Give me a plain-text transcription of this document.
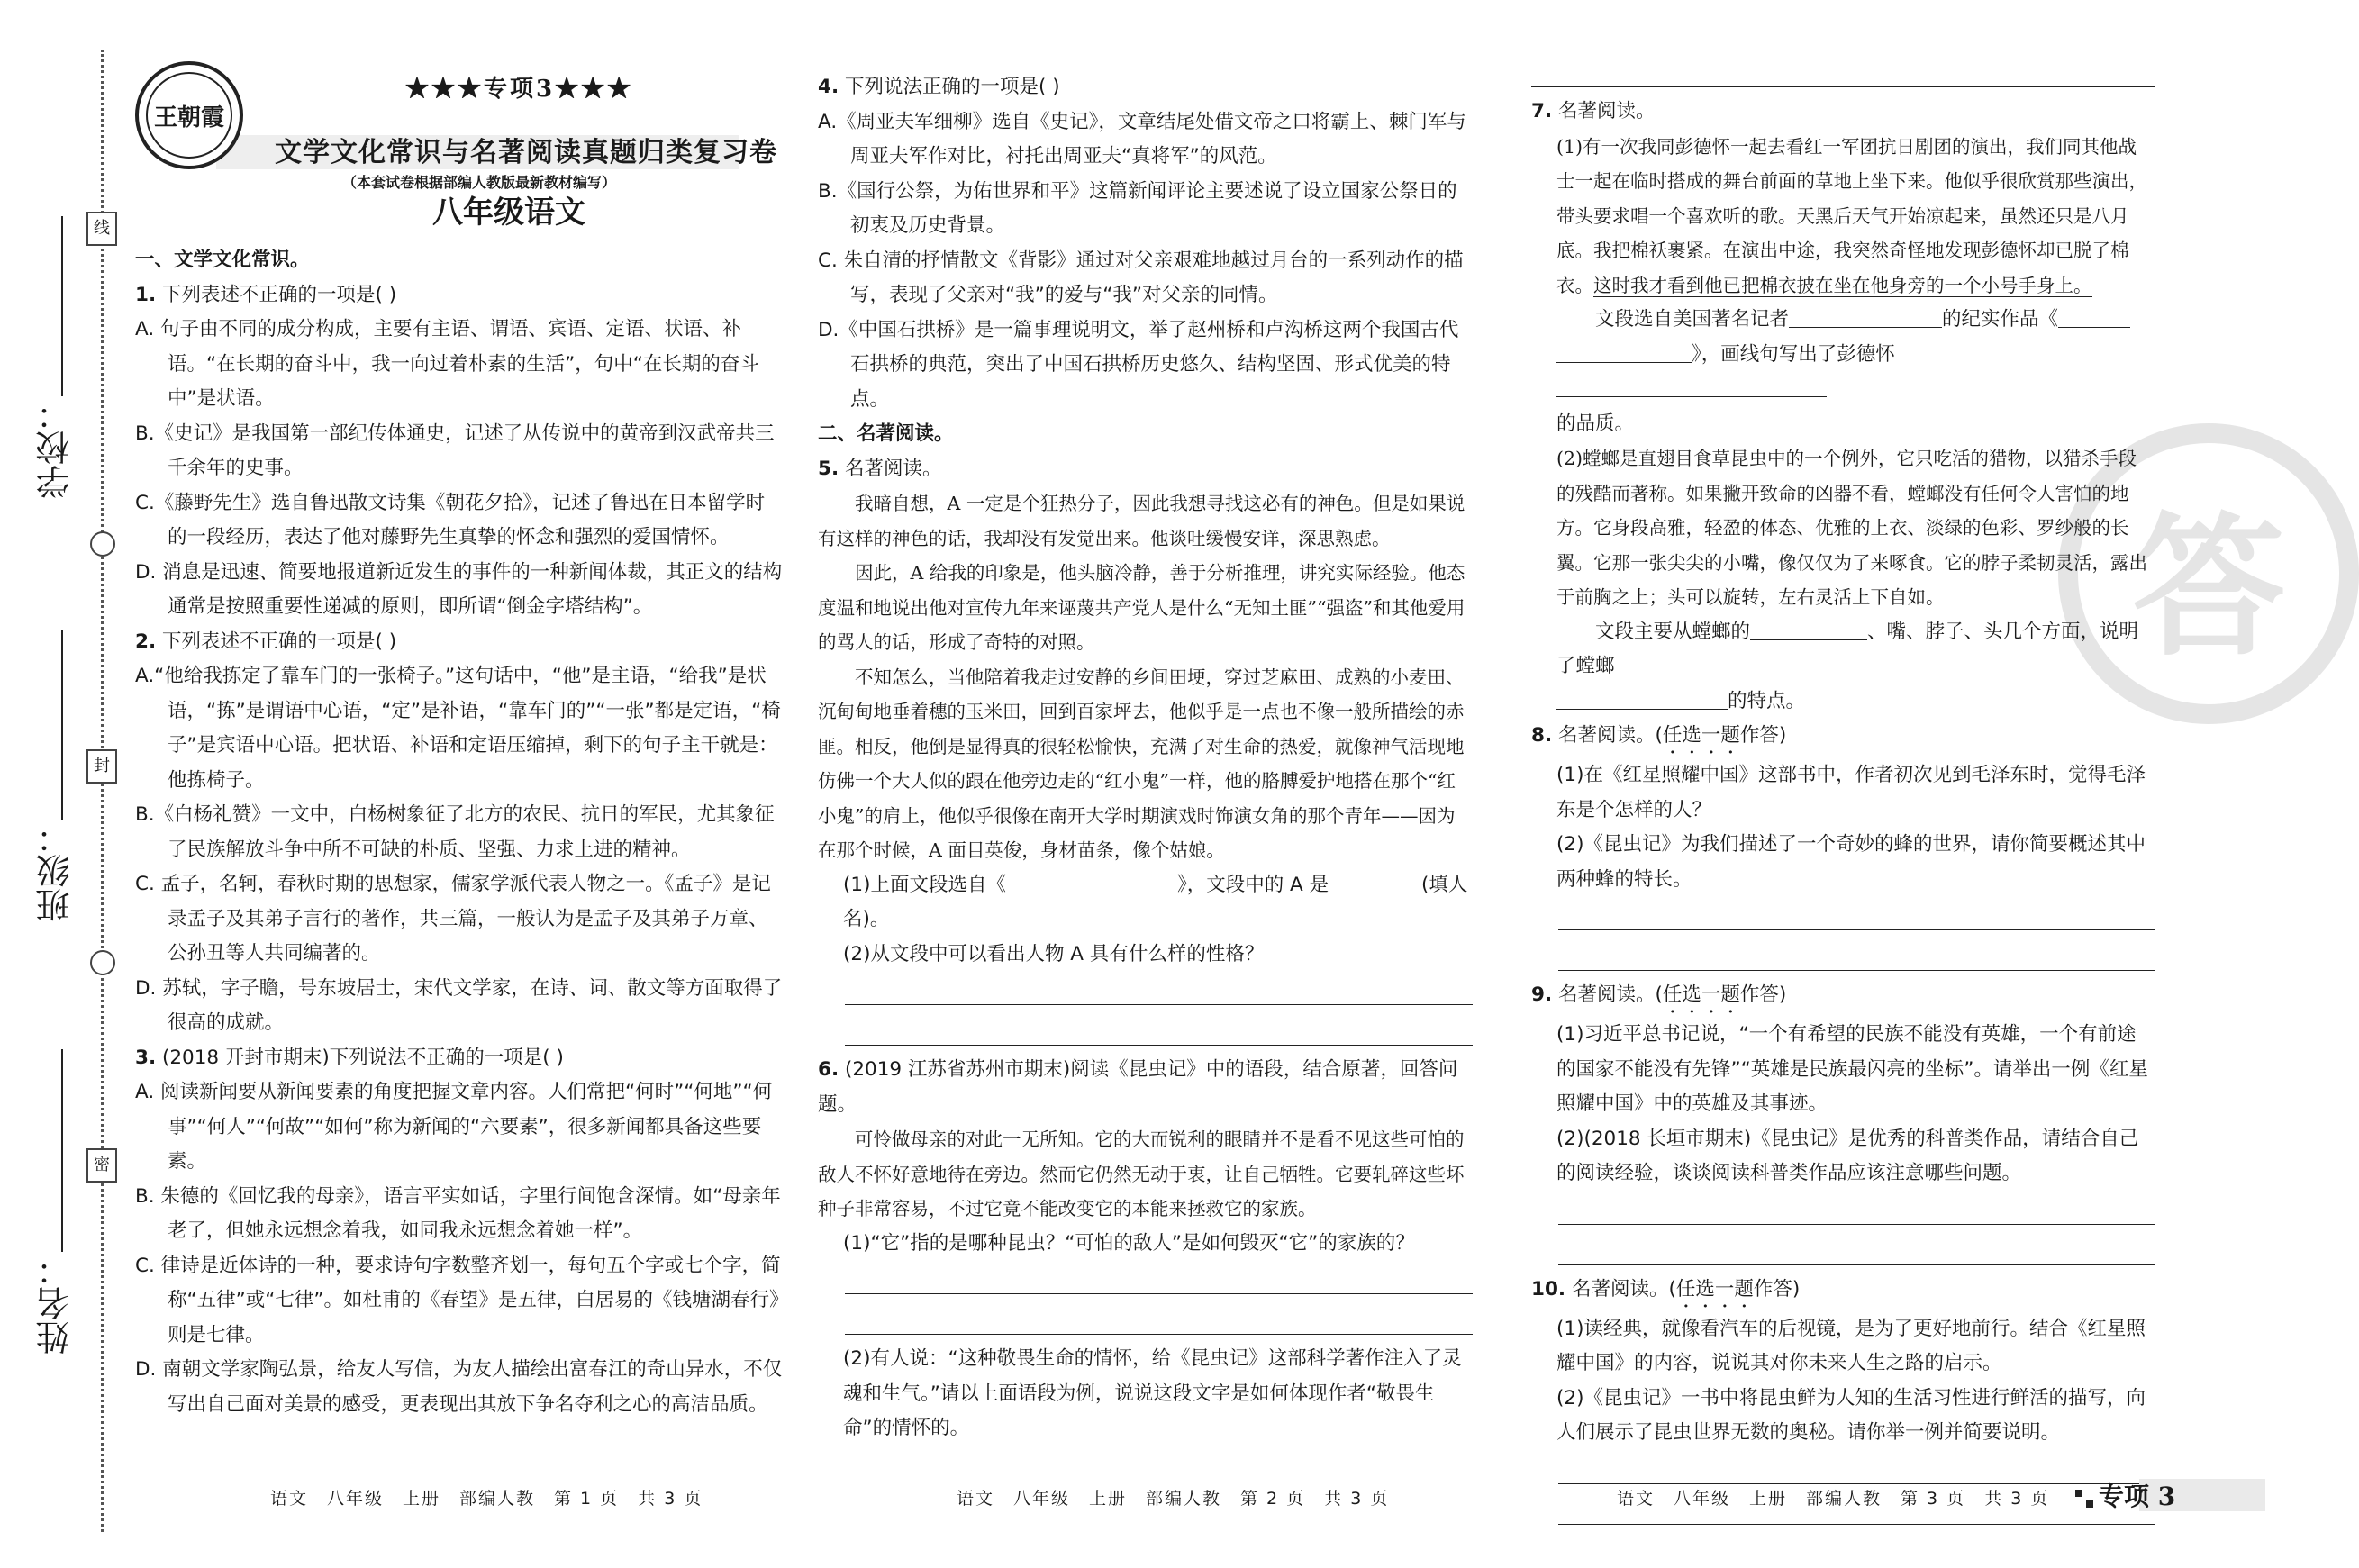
线
封
密
学校：
班级：
姓名：
王朝霞
★★★专项3★★★
文学文化常识与名著阅读真题归类复习卷
（本套试卷根据部编人教版最新教材编写）
八年级语文

一、文学文化常识。

1. 下列表述不正确的一项是( )

A. 句子由不同的成分构成，主要有主语、谓语、宾语、定语、状语、补语。“在长期的奋斗中，我一向过着朴素的生活”，句中“在长期的奋斗中”是状语。

B.《史记》是我国第一部纪传体通史，记述了从传说中的黄帝到汉武帝共三千余年的史事。

C.《藤野先生》选自鲁迅散文诗集《朝花夕拾》，记述了鲁迅在日本留学时的一段经历，表达了他对藤野先生真挚的怀念和强烈的爱国情怀。

D. 消息是迅速、简要地报道新近发生的事件的一种新闻体裁，其正文的结构通常是按照重要性递减的原则，即所谓“倒金字塔结构”。

2. 下列表述不正确的一项是( )

A.“他给我拣定了靠车门的一张椅子。”这句话中，“他”是主语，“给我”是状语，“拣”是谓语中心语，“定”是补语，“靠车门的”“一张”都是定语，“椅子”是宾语中心语。把状语、补语和定语压缩掉，剩下的句子主干就是：他拣椅子。

B.《白杨礼赞》一文中，白杨树象征了北方的农民、抗日的军民，尤其象征了民族解放斗争中所不可缺的朴质、坚强、力求上进的精神。

C. 孟子，名轲，春秋时期的思想家，儒家学派代表人物之一。《孟子》是记录孟子及其弟子言行的著作，共三篇，一般认为是孟子及其弟子万章、公孙丑等人共同编著的。

D. 苏轼，字子瞻，号东坡居士，宋代文学家，在诗、词、散文等方面取得了很高的成就。

3. (2018 开封市期末)下列说法不正确的一项是( )

A. 阅读新闻要从新闻要素的角度把握文章内容。人们常把“何时”“何地”“何事”“何人”“何故”“如何”称为新闻的“六要素”，很多新闻都具备这些要素。

B. 朱德的《回忆我的母亲》，语言平实如话，字里行间饱含深情。如“母亲年老了，但她永远想念着我，如同我永远想念着她一样”。

C. 律诗是近体诗的一种，要求诗句字数整齐划一，每句五个字或七个字，简称“五律”或“七律”。如杜甫的《春望》是五律，白居易的《钱塘湖春行》则是七律。

D. 南朝文学家陶弘景，给友人写信，为友人描绘出富春江的奇山异水，不仅写出自己面对美景的感受，更表现出其放下争名夺利之心的高洁品质。

语文　八年级　上册　部编人教　第 1 页　共 3 页

4. 下列说法正确的一项是( )

A.《周亚夫军细柳》选自《史记》，文章结尾处借文帝之口将霸上、棘门军与周亚夫军作对比，衬托出周亚夫“真将军”的风范。

B.《国行公祭，为佑世界和平》这篇新闻评论主要述说了设立国家公祭日的初衷及历史背景。

C. 朱自清的抒情散文《背影》通过对父亲艰难地越过月台的一系列动作的描写，表现了父亲对“我”的爱与“我”对父亲的同情。

D.《中国石拱桥》是一篇事理说明文，举了赵州桥和卢沟桥这两个我国古代石拱桥的典范，突出了中国石拱桥历史悠久、结构坚固、形式优美的特点。

二、名著阅读。

5. 名著阅读。

我暗自想，A 一定是个狂热分子，因此我想寻找这必有的神色。但是如果说有这样的神色的话，我却没有发觉出来。他谈吐缓慢安详，深思熟虑。

因此，A 给我的印象是，他头脑冷静，善于分析推理，讲究实际经验。他态度温和地说出他对宣传九年来诬蔑共产党人是什么“无知土匪”“强盗”和其他爱用的骂人的话，形成了奇特的对照。

不知怎么，当他陪着我走过安静的乡间田埂，穿过芝麻田、成熟的小麦田、沉甸甸地垂着穗的玉米田，回到百家坪去，他似乎是一点也不像一般所描绘的赤匪。相反，他倒是显得真的很轻松愉快，充满了对生命的热爱，就像神气活现地仿佛一个大人似的跟在他旁边走的“红小鬼”一样，他的胳膊爱护地搭在那个“红小鬼”的肩上，他似乎很像在南开大学时期演戏时饰演女角的那个青年——因为在那个时候，A 面目英俊，身材苗条，像个姑娘。

(1)上面文段选自《	》，文段中的 A 是	(填人名)。

(2)从文段中可以看出人物 A 具有什么样的性格？

6. (2019 江苏省苏州市期末)阅读《昆虫记》中的语段，结合原著，回答问题。

可怜做母亲的对此一无所知。它的大而锐利的眼睛并不是看不见这些可怕的敌人不怀好意地待在旁边。然而它仍然无动于衷，让自己牺牲。它要轧碎这些坏种子非常容易，不过它竟不能改变它的本能来拯救它的家族。

(1)“它”指的是哪种昆虫？“可怕的敌人”是如何毁灭“它”的家族的？

(2)有人说：“这种敬畏生命的情怀，给《昆虫记》这部科学著作注入了灵魂和生气。”请以上面语段为例，说说这段文字是如何体现作者“敬畏生命”的情怀的。

语文　八年级　上册　部编人教　第 2 页　共 3 页
答

7. 名著阅读。

(1)有一次我同彭德怀一起去看红一军团抗日剧团的演出，我们同其他战士一起在临时搭成的舞台前面的草地上坐下来。他似乎很欣赏那些演出，带头要求唱一个喜欢听的歌。天黑后天气开始凉起来，虽然还只是八月底。我把棉袄裹紧。在演出中途，我突然奇怪地发现彭德怀却已脱了棉衣。这时我才看到他已把棉衣披在坐在他身旁的一个小号手身上。

文段选自美国著名记者	的纪实作品《
》，画线句写出了彭德怀
的品质。

(2)螳螂是直翅目食草昆虫中的一个例外，它只吃活的猎物，以猎杀手段的残酷而著称。如果撇开致命的凶器不看，螳螂没有任何令人害怕的地方。它身段高雅，轻盈的体态、优雅的上衣、淡绿的色彩、罗纱般的长翼。它那一张尖尖的小嘴，像仅仅为了来啄食。它的脖子柔韧灵活，露出于前胸之上；头可以旋转，左右灵活上下自如。

文段主要从螳螂的	、嘴、脖子、头几个方面，说明了螳螂
的特点。

8. 名著阅读。(任选一题作答)

(1)在《红星照耀中国》这部书中，作者初次见到毛泽东时，觉得毛泽东是个怎样的人？

(2)《昆虫记》为我们描述了一个奇妙的蜂的世界，请你简要概述其中两种蜂的特长。

9. 名著阅读。(任选一题作答)

(1)习近平总书记说，“一个有希望的民族不能没有英雄，一个有前途的国家不能没有先锋”“英雄是民族最闪亮的坐标”。请举出一例《红星照耀中国》中的英雄及其事迹。

(2)(2018 长垣市期末)《昆虫记》是优秀的科普类作品，请结合自己的阅读经验，谈谈阅读科普类作品应该注意哪些问题。

10. 名著阅读。(任选一题作答)

(1)读经典，就像看汽车的后视镜，是为了更好地前行。结合《红星照耀中国》的内容，说说其对你未来人生之路的启示。

(2)《昆虫记》一书中将昆虫鲜为人知的生活习性进行鲜活的描写，向人们展示了昆虫世界无数的奥秘。请你举一例并简要说明。

语文　八年级　上册　部编人教　第 3 页　共 3 页 专项 3
